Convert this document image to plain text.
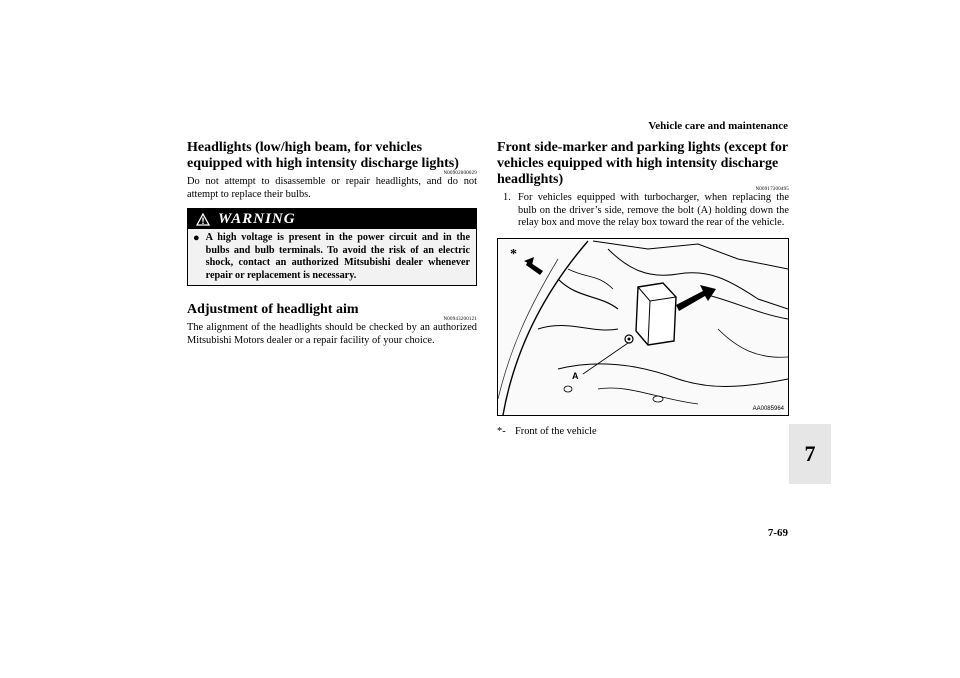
Vehicle care and maintenance
7
7-69
Headlights (low/high beam, for vehicles equipped with high intensity discharge lights)
N00902000029

Do not attempt to disassemble or repair headlights, and do not attempt to replace their bulbs.

WARNING
● A high voltage is present in the power circuit and in the bulbs and bulb terminals. To avoid the risk of an electric shock, contact an authorized Mitsubishi dealer whenever repair or replacement is necessary.

Adjustment of headlight aim
N00943200121

The alignment of the headlights should be checked by an authorized Mitsubishi Motors dealer or a repair facility of your choice.

Front side-marker and parking lights (except for vehicles equipped with high intensity discharge headlights)
N00917300495
1. For vehicles equipped with turbocharger, when replacing the bulb on the driver’s side, remove the bolt (A) holding down the relay box and move the relay box toward the rear of the vehicle.
*
A
AA0085964
*- Front of the vehicle
